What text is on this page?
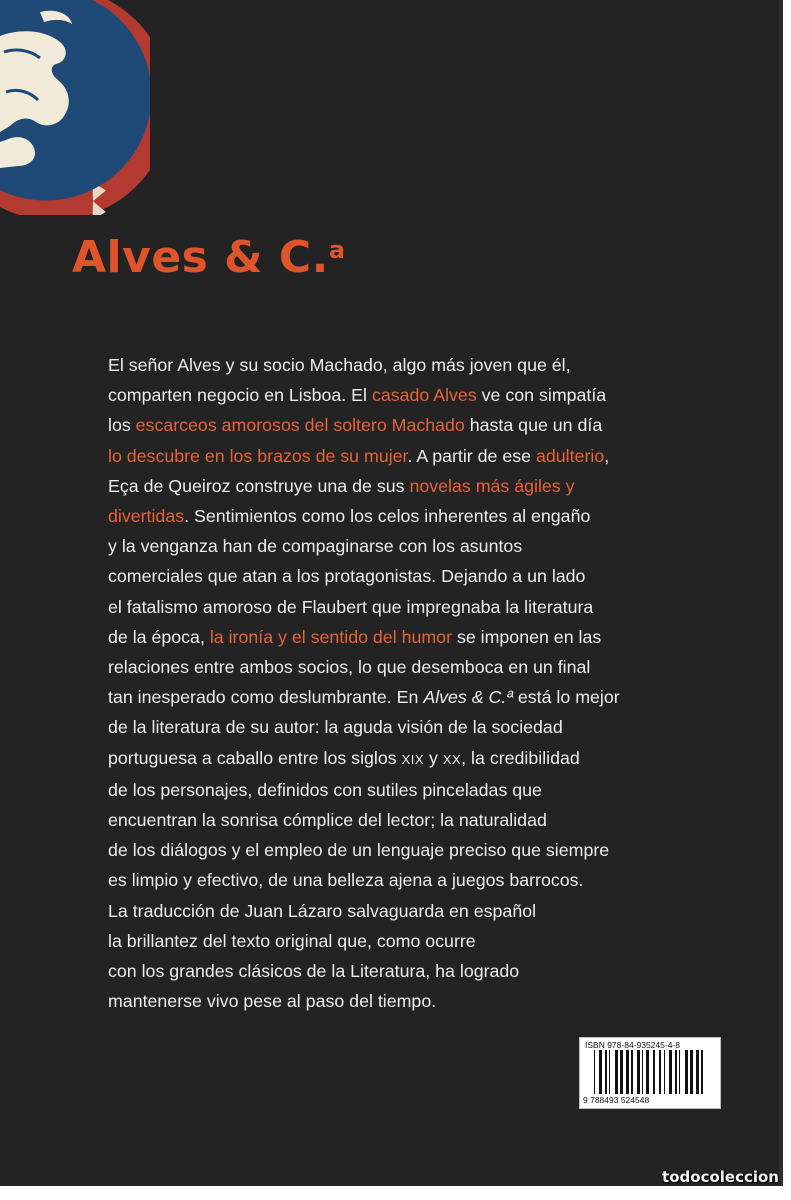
Alves & C.$^a$
El señor Alves y su socio Machado, algo más joven que él,
comparten negocio en Lisboa. El casado Alves ve con simpatía
los escarceos amorosos del soltero Machado hasta que un día
lo descubre en los brazos de su mujer. A partir de ese adulterio,
Eça de Queiroz construye una de sus novelas más ágiles y
divertidas. Sentimientos como los celos inherentes al engaño
y la venganza han de compaginarse con los asuntos
comerciales que atan a los protagonistas. Dejando a un lado
el fatalismo amoroso de Flaubert que impregnaba la literatura
de la época, la ironía y el sentido del humor se imponen en las
relaciones entre ambos socios, lo que desemboca en un final
tan inesperado como deslumbrante. En Alves & C.ª está lo mejor
de la literatura de su autor: la aguda visión de la sociedad
portuguesa a caballo entre los siglos XIX y XX, la credibilidad
de los personajes, definidos con sutiles pinceladas que
encuentran la sonrisa cómplice del lector; la naturalidad
de los diálogos y el empleo de un lenguaje preciso que siempre
es limpio y efectivo, de una belleza ajena a juegos barrocos.
La traducción de Juan Lázaro salvaguarda en español
la brillantez del texto original que, como ocurre
con los grandes clásicos de la Literatura, ha logrado
mantenerse vivo pese al paso del tiempo.
ISBN 978-84-935245-4-8
9 788493 524548
todocoleccion
